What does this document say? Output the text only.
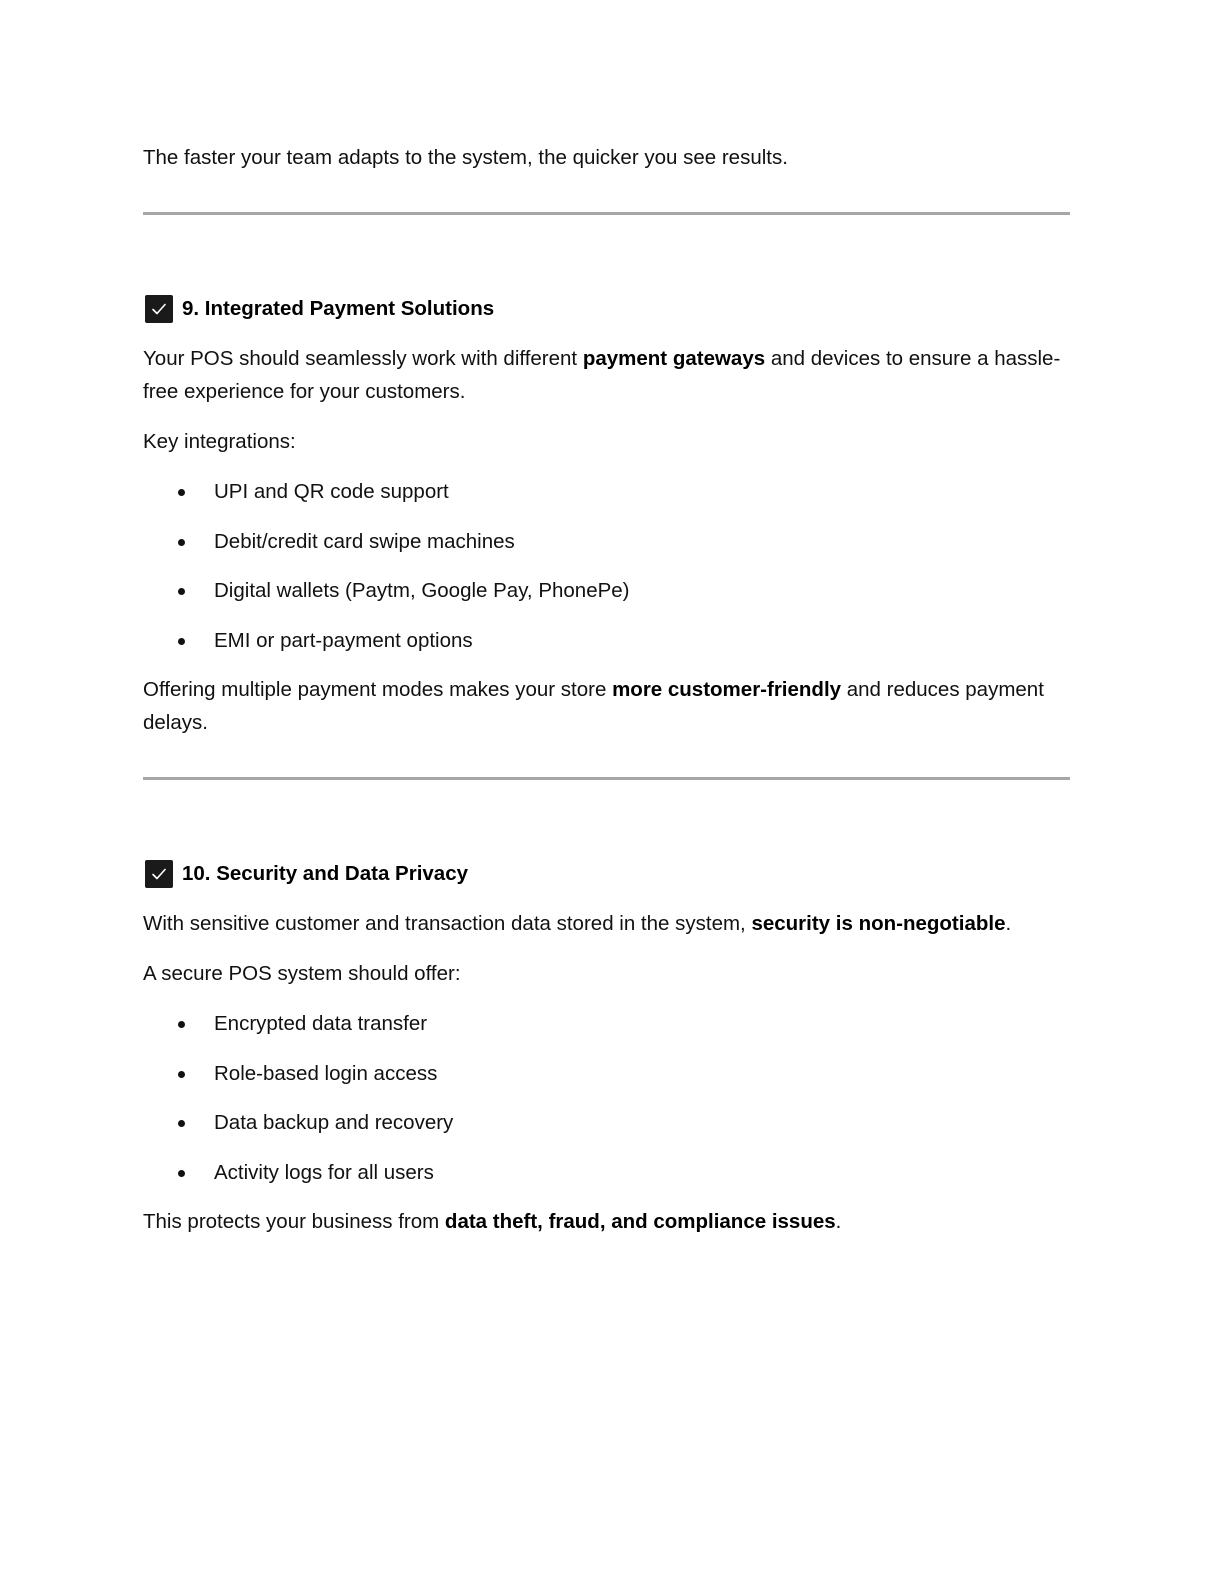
The faster your team adapts to the system, the quicker you see results.

9. Integrated Payment Solutions

Your POS should seamlessly work with different payment gateways and devices to ensure a hassle-free experience for your customers.

Key integrations:

UPI and QR code support
Debit/credit card swipe machines
Digital wallets (Paytm, Google Pay, PhonePe)
EMI or part-payment options

Offering multiple payment modes makes your store more customer-friendly and reduces payment delays.

10. Security and Data Privacy

With sensitive customer and transaction data stored in the system, security is non-negotiable.

A secure POS system should offer:

Encrypted data transfer
Role-based login access
Data backup and recovery
Activity logs for all users

This protects your business from data theft, fraud, and compliance issues.
